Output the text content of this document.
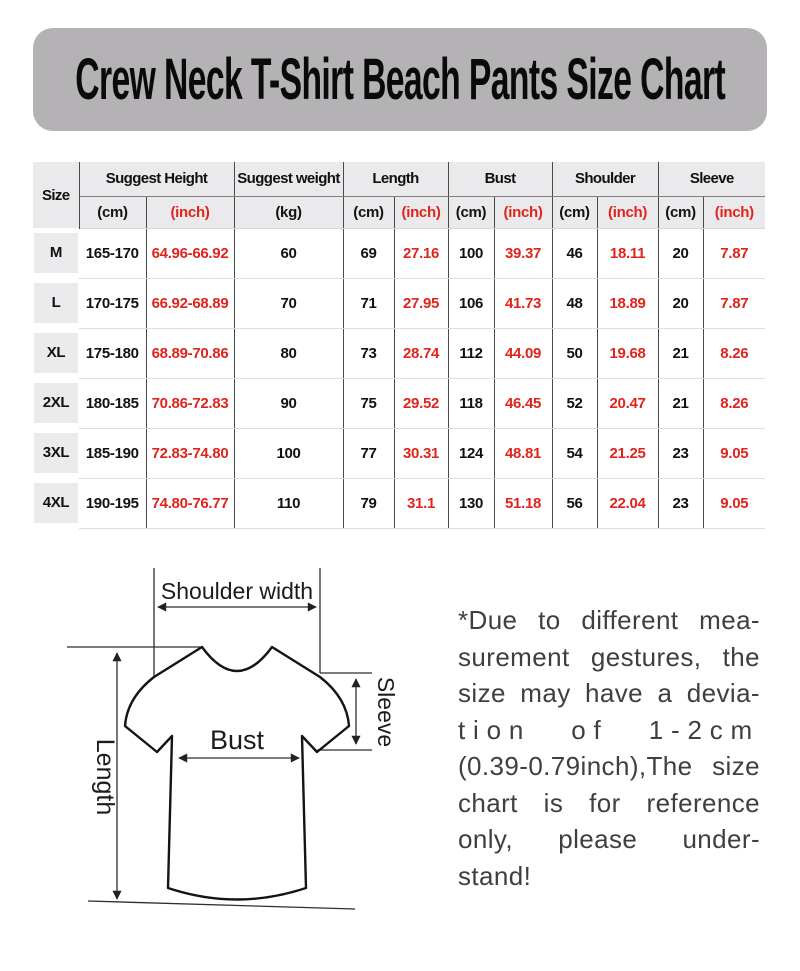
Crew Neck T-Shirt Beach Pants Size Chart
Size	Suggest Height		Suggest weight	Length		Bust		Shoulder		Sleeve	
	(cm)	(inch)	(kg)	(cm)	(inch)	(cm)	(inch)	(cm)	(inch)	(cm)	(inch)
M	165-170	64.96-66.92	60	69	27.16	100	39.37	46	18.11	20	7.87
L	170-175	66.92-68.89	70	71	27.95	106	41.73	48	18.89	20	7.87
XL	175-180	68.89-70.86	80	73	28.74	112	44.09	50	19.68	21	8.26
2XL	180-185	70.86-72.83	90	75	29.52	118	46.45	52	20.47	21	8.26
3XL	185-190	72.83-74.80	100	77	30.31	124	48.81	54	21.25	23	9.05
4XL	190-195	74.80-76.77	110	79	31.1	130	51.18	56	22.04	23	9.05
Shoulder width
Length
Sleeve
Bust
*Due to different mea-
surement gestures, the
size may have a devia-
tion of 1-2cm
(0.39-0.79inch),The size
chart is for reference
only, please under-
stand!
